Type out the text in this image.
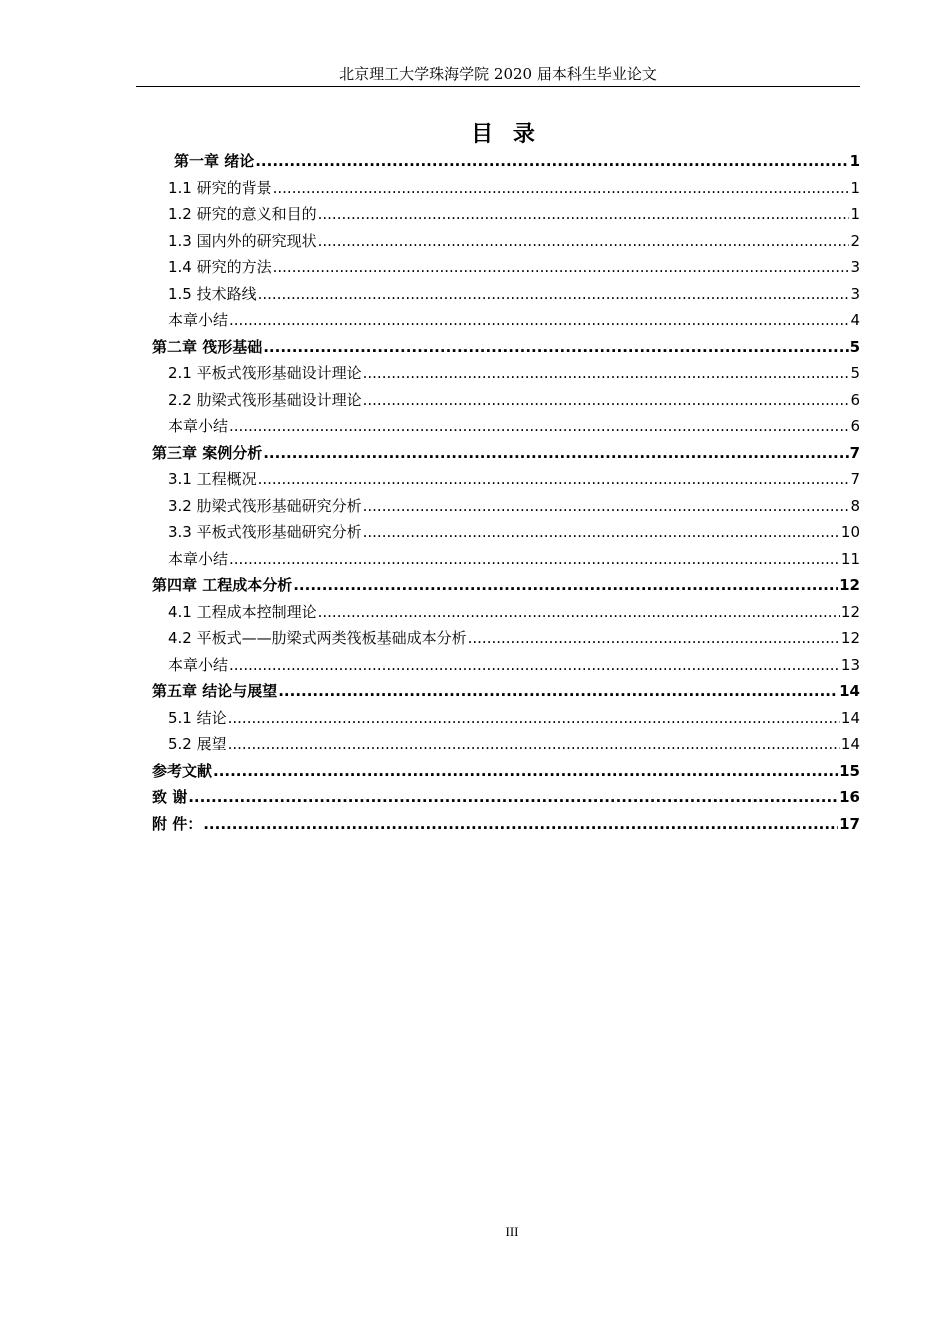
北京理工大学珠海学院 2020 届本科生毕业论文
目 录
第一章 绪论 .....	1
1.1 研究的背景 .....	1
1.2 研究的意义和目的 .....	1
1.3 国内外的研究现状 .....	2
1.4 研究的方法 .....	3
1.5 技术路线 .....	3
本章小结 .....	4
第二章 筏形基础 .....	5
2.1 平板式筏形基础设计理论 .....	5
2.2 肋梁式筏形基础设计理论 .....	6
本章小结 .....	6
第三章 案例分析 .....	7
3.1 工程概况 .....	7
3.2 肋梁式筏形基础研究分析 .....	8
3.3 平板式筏形基础研究分析 .....	10
本章小结 .....	11
第四章 工程成本分析 .....	12
4.1 工程成本控制理论 .....	12
4.2 平板式——肋梁式两类筏板基础成本分析 .....	12
本章小结 .....	13
第五章 结论与展望 .....	14
5.1 结论 .....	14
5.2 展望 .....	14
参考文献 .....	15
致 谢 .....	16
附 件： .....	17
III
